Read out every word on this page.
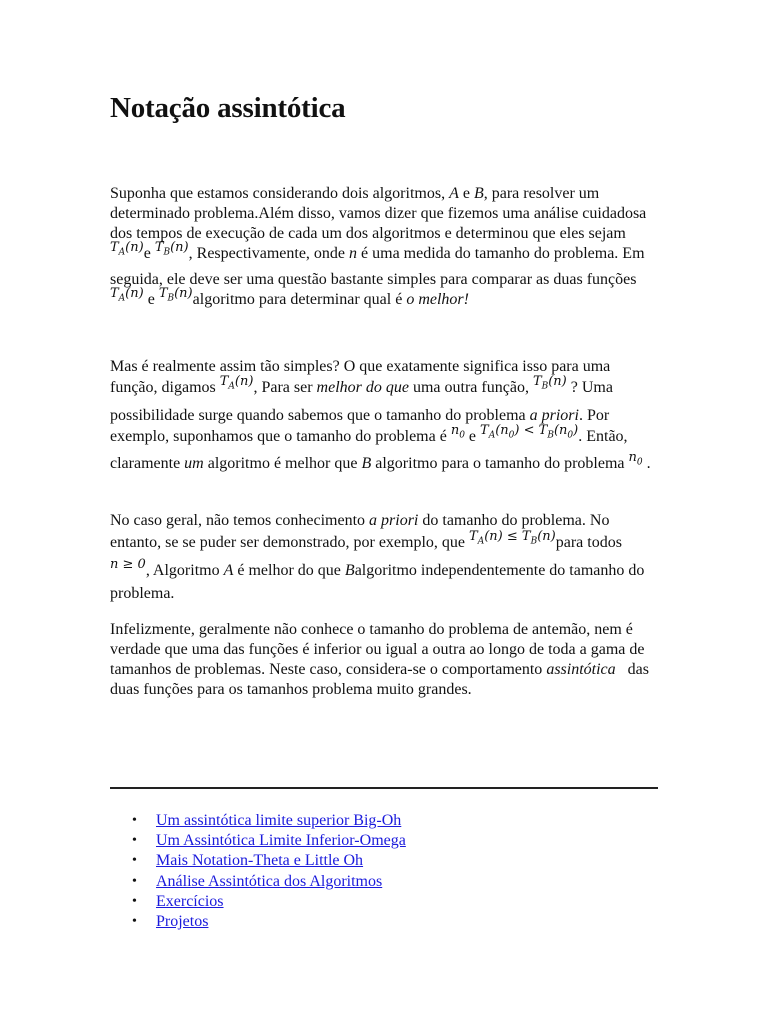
Notação assintótica

Suponha que estamos considerando dois algoritmos, A e B, para resolver um determinado problema.Além disso, vamos dizer que fizemos uma análise cuidadosa dos tempos de execução de cada um dos algoritmos e determinou que eles sejam $^{T_A(n)}$e $^{T_B(n)}$, Respectivamente, onde n é uma medida do tamanho do problema. Em seguida, ele deve ser uma questão bastante simples para comparar as duas funções $^{T_A(n)}$ e $^{T_B(n)}$algoritmo para determinar qual é o melhor!

Mas é realmente assim tão simples? O que exatamente significa isso para uma função, digamos $^{T_A(n)}$, Para ser melhor do que uma outra função, $^{T_B(n)}$ ? Uma possibilidade surge quando sabemos que o tamanho do problema a priori. Por exemplo, suponhamos que o tamanho do problema é $^{n_0}$ e $^{T_A(n_0) < T_B(n_0)}$. Então, claramente um algoritmo é melhor que B algoritmo para o tamanho do problema $^{n_0}$ .

No caso geral, não temos conhecimento a priori do tamanho do problema. No entanto, se se puder ser demonstrado, por exemplo, que $^{T_A(n) \le T_B(n)}$para todos $^{n \ge 0}$, Algoritmo A é melhor do que Balgoritmo independentemente do tamanho do problema.

Infelizmente, geralmente não conhece o tamanho do problema de antemão, nem é verdade que uma das funções é inferior ou igual a outra ao longo de toda a gama de tamanhos de problemas. Neste caso, considera-se o comportamento assintótica   das duas funções para os tamanhos problema muito grandes.

• Um assintótica limite superior Big-Oh
• Um Assintótica Limite Inferior-Omega
• Mais Notation-Theta e Little Oh
• Análise Assintótica dos Algoritmos
• Exercícios
• Projetos
